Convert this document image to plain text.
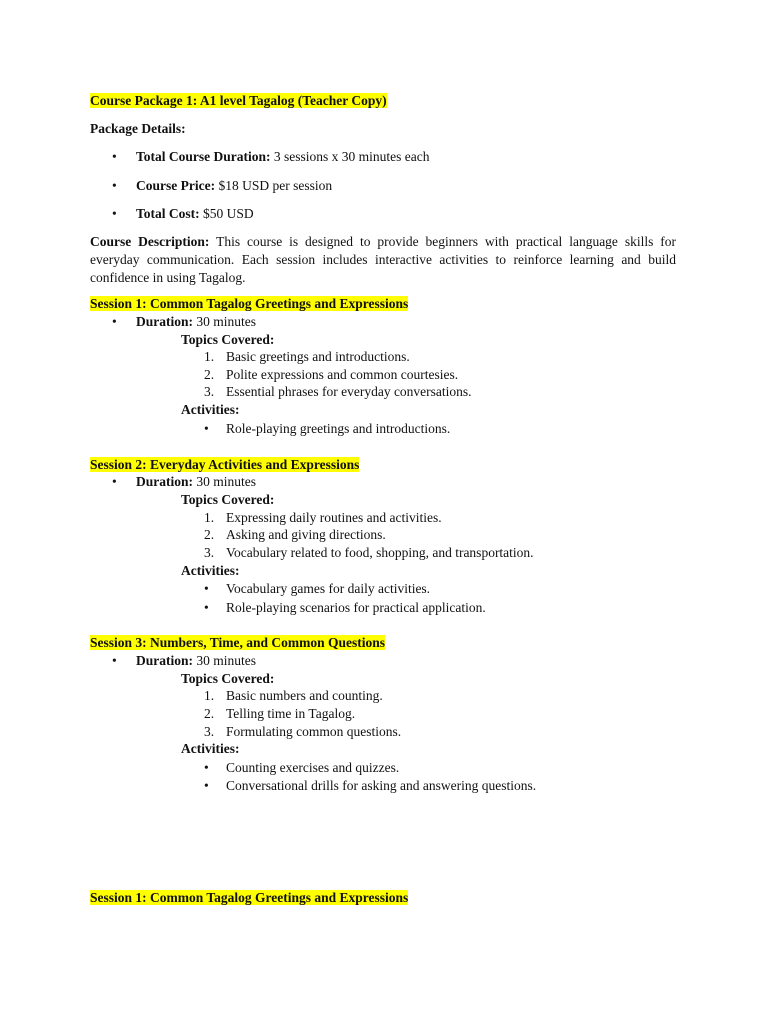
Course Package 1: A1 level Tagalog (Teacher Copy)
Package Details:
•
Total Course Duration: 3 sessions x 30 minutes each
•
Course Price: $18 USD per session
•
Total Cost: $50 USD
Course Description: This course is designed to provide beginners with practical language skills for everyday communication. Each session includes interactive activities to reinforce learning and build confidence in using Tagalog.
Session 1: Common Tagalog Greetings and Expressions
•
Duration: 30 minutes
Topics Covered:
1. Basic greetings and introductions.
2. Polite expressions and common courtesies.
3. Essential phrases for everyday conversations.
Activities:
•
Role-playing greetings and introductions.
Session 2: Everyday Activities and Expressions
•
Duration: 30 minutes
Topics Covered:
1. Expressing daily routines and activities.
2. Asking and giving directions.
3. Vocabulary related to food, shopping, and transportation.
Activities:
•
Vocabulary games for daily activities.
•
Role-playing scenarios for practical application.
Session 3: Numbers, Time, and Common Questions
•
Duration: 30 minutes
Topics Covered:
1. Basic numbers and counting.
2. Telling time in Tagalog.
3. Formulating common questions.
Activities:
•
Counting exercises and quizzes.
•
Conversational drills for asking and answering questions.
Session 1: Common Tagalog Greetings and Expressions
